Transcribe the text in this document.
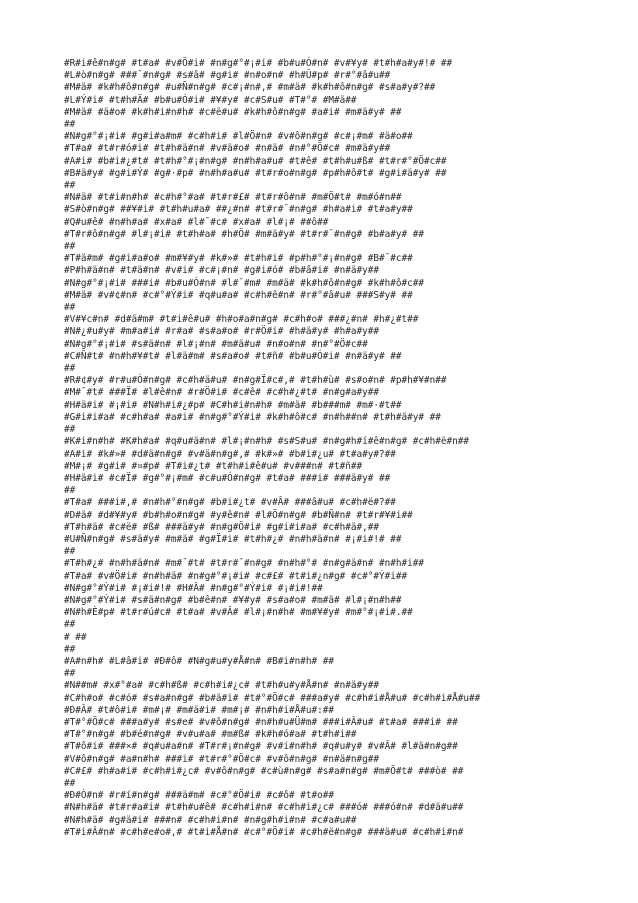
#R#i#ê#n#g# #t#a# #v#Ö#i# #n#g#°#¡#i# #b#u#Ó#n# #v#¥y# #t#h#a#y#!# ##
#L#ò#n#g# ###¯#n#g# #s#â# #g#i# #n#o#n# #h#Û#p# #r#°#â#u##
#M#ä# #k#h#ô#n#g# #u#Ñ#n#g# #c#¡#n#,# #m#ä# #k#h#ô#n#g# #s#a#y#?##
#L#Ý#i# #t#h#Ä# #b#u#Ó#i# #¥#y# #c#S#u# #T#°# #M#ä##
#M#ä# #ä#o# #k#h#i#n#h# #c#ë#u# #k#h#ô#n#g# #a#i# #m#ä#y# ##
##
#N#g#°#¡#i# #g#i#a#m# #c#h#i# #l#Ö#n# #v#ô#n#g# #c#¡#m# #ä#o##
#T#a# #t#r#ó#i# #t#h#ä#n# #v#ä#o# #n#ä# #n#°#Ö#c# #m#ä#y##
#A#i# #b#i#¿#t# #t#h#°#¡#n#g# #n#h#a#u# #t#ê# #t#h#u#ß# #t#r#°#Ö#c##
#B#ä#y# #g#i#Ý# #g#·#p# #n#h#a#u# #t#r#o#n#g# #p#h#ô#t# #g#i#ä#y# ##
##
#N#ä# #t#i#n#h# #c#h#°#a# #t#r#£# #t#r#ô#n# #m#Ö#t# #m#ó#n##
#S#ò#n#g# ##¥#i# #t#h#u#a# ##¿#n# #t#r#¯#n#g# #h#a#i# #t#a#y##
#Q#u#ê# #n#h#a# #x#a# #l#¯#c# #x#a# #l#¡# ##ô##
#T#r#ô#n#g# #l#¡#i# #t#h#a# #h#Ö# #m#ä#y# #t#r#¯#n#g# #b#a#y# ##
##
#T#ä#m# #g#i#a#o# #m#¥#y# #k#»# #t#h#i# #p#h#°#¡#n#g# #B#¯#c##
#P#h#ä#n# #t#ä#n# #v#i# #c#¡#n# #g#i#ó# #b#â#i# #n#ä#y##
#N#g#°#¡#i# ###i# #b#u#Ó#n# #l#¯#m# #m#ä# #k#h#ô#n#g# #k#h#ô#c##
#M#ä# #v#¢#n# #c#°#Ý#i# #q#u#a# #c#h#ê#n# #r#°#â#u# ###S#y# ##
##
#V#¥c#n# #d#ä#m# #t#i#ê#u# #h#o#a#n#g# #c#h#o# ###¿#n# #h#¿#t##
#N#¿#u#y# #m#a#i# #r#a# #s#a#o# #r#Ö#i# #h#ä#y# #h#a#y##
#N#g#°#¡#i# #s#ä#n# #l#¡#n# #m#ä#u# #n#o#n# #n#°#Ö#c##
#C#Ñ#t# #n#h#¥#t# #l#ä#m# #s#a#o# #t#ñ# #b#u#Ó#i# #n#ä#y# ##
##
#R#¢#y# #r#u#Ó#n#g# #c#h#ä#u# #n#g#Ï#c#,# #t#h#ù# #s#o#n# #p#h#¥#n##
#M#¯#t# ###Ï# #l#ê#n# #r#Ö#i# #c#ê# #c#h#¿#t# #n#g#a#y##
#H#ä#i# #¡#i# #N#h#i#¿#p# #C#h#i#n#h# #m#ä# #b###m# #m#·#t##
#G#i#i#a# #c#h#a# #a#i# #n#g#°#Ý#i# #k#h#ô#c# #n#h##n# #t#h#ä#y# ##
##
#K#i#n#h# #K#h#a# #q#u#ä#n# #l#¡#n#h# #s#S#u# #n#g#h#í#ê#n#g# #c#h#ë#n##
#A#i# #k#»# #d#ä#n#g# #v#ä#n#g#,# #k#»# #b#i#¿u# #t#a#y#?##
#M#¡# #g#i# #¤#p# #T#i#¿t# #t#h#i#ê#u# #v###n# #t#ñ##
#H#ä#i# #c#Ï# #g#°#¡#m# #c#u#Ó#n#g# #t#a# ###i# ###ä#y# ##
##
#T#a# ###i#,# #n#h#°#n#g# #b#i#¿t# #v#Â# ###â#u# #c#h#ë#?##
#D#ä# #d#¥#y# #b#h#o#n#g# #y#ê#n# #l#Ö#n#g# #b#Ñ#n# #t#r#¥#i##
#T#h#ä# #c#ë# #ß# ###ä#y# #n#g#Ö#i# #g#i#i#a# #c#h#ä#,##
#U#Ñ#n#g# #s#ä#y# #m#ä# #g#Ï#i# #t#h#¿# #n#h#ä#n# #¡#i#!# ##
##
#T#h#¿# #n#h#ä#n# #m#¯#t# #t#r#¯#n#g# #n#h#°# #n#g#ä#n# #n#h#i##
#T#a# #v#Ö#i# #n#h#ä# #n#g#°#¡#i# #c#£# #t#i#¿n#g# #c#°#Ý#i##
#N#g#°#Ý#i# #¡#i#!# #H#Â# #n#g#°#Ý#i# #¡#i#!##
#N#g#°#Ý#i# #s#ä#n#g# #b#ê#n# #¥#y# #s#a#o# #m#ä# #l#¡#n#h##
#N#h#È#p# #t#r#ú#c# #t#a# #v#Â# #l#¡#n#h# #m#¥#y# #m#°#¡#i#.##
##
# ##
##
#A#n#h# #L#â#i# #Ð#ô# #N#g#u#y#Å#n# #B#i#n#h# ##
##
#N##m# #x#°#a# #c#h#ß# #c#h#i#¿c# #t#h#u#y#Å#n# #n#ä#y##
#C#h#o# #c#ó# #s#a#n#g# #b#ä#i# #t#°#Ö#c# ###a#y# #c#h#i#Å#u# #c#h#i#Å#u##
#Ð#Â# #t#ô#i# #m#¡# #m#ä#i# #m#¡# #n#h#i#Å#u#:##
#T#°#Ö#c# ###a#y# #s#e# #v#ô#n#g# #n#h#u#Ü#m# ###i#Â#u# #t#a# ###i# ##
#T#°#n#g# #b#é#n#g# #v#u#a# #m#ß# #k#h#ó#a# #t#h#i##
#T#ô#i# ###×# #q#u#a#n# #T#r#¡#n#g# #v#i#n#h# #q#u#y# #v#Â# #l#ä#n#g##
#V#ô#n#g# #a#n#h# ###i# #t#r#°#Ö#c# #v#ô#n#g# #n#ä#n#g##
#C#£# #h#a#i# #c#h#i#¿c# #v#ô#n#g# #c#ù#n#g# #s#a#n#g# #m#Ö#t# ###ò# ##
##
#Ð#Ò#n# #r#í#n#g# ###ä#m# #c#°#Ö#i# #c#ô# #t#o##
#N#h#ä# #t#r#a#i# #t#h#u#ê# #c#h#i#n# #c#h#i#¿c# ###ó# ###ó#n# #d#ä#u##
#N#h#ä# #g#ä#i# ###n# #c#h#i#n# #n#g#h#i#n# #c#a#u##
#T#i#Â#n# #c#h#e#o#,# #t#i#Å#n# #c#°#Ö#i# #c#h#ë#n#g# ###ä#u# #c#h#i#n#
